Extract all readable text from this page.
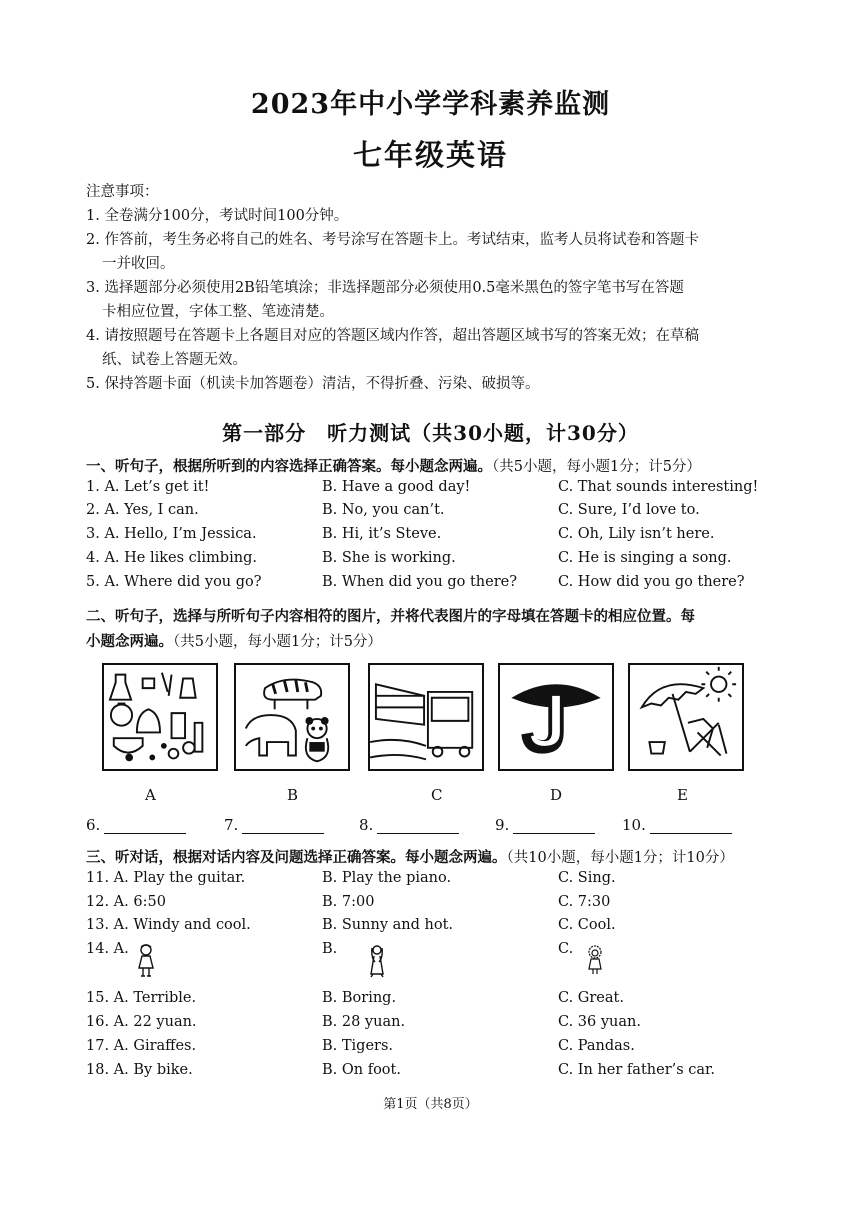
2023年中小学学科素养监测
七年级英语
注意事项：
1. 全卷满分100分，考试时间100分钟。
2. 作答前，考生务必将自己的姓名、考号涂写在答题卡上。考试结束，监考人员将试卷和答题卡
一并收回。
3. 选择题部分必须使用2B铅笔填涂；非选择题部分必须使用0.5毫米黑色的签字笔书写在答题
卡相应位置，字体工整、笔迹清楚。
4. 请按照题号在答题卡上各题目对应的答题区域内作答，超出答题区域书写的答案无效；在草稿
纸、试卷上答题无效。
5. 保持答题卡面（机读卡加答题卷）清洁，不得折叠、污染、破损等。
第一部分　听力测试（共30小题，计30分）
一、听句子，根据所听到的内容选择正确答案。每小题念两遍。（共5小题，每小题1分；计5分）
1. A. Let’s get it!	B. Have a good day!	C. That sounds interesting!
2. A. Yes, I can.	B. No, you can’t.	C. Sure, I’d love to.
3. A. Hello, I’m Jessica.	B. Hi, it’s Steve.	C. Oh, Lily isn’t here.
4. A. He likes climbing.	B. She is working.	C. He is singing a song.
5. A. Where did you go?	B. When did you go there?	C. How did you go there?
二、听句子，选择与所听句子内容相符的图片，并将代表图片的字母填在答题卡的相应位置。每
小题念两遍。（共5小题，每小题1分；计5分）
A	B	C	D	E
6.	7.	8.	9.	10.
三、听对话，根据对话内容及问题选择正确答案。每小题念两遍。（共10小题，每小题1分；计10分）
11. A. Play the guitar.	B. Play the piano.	C. Sing.
12. A. 6:50	B. 7:00	C. 7:30
13. A. Windy and cool.	B. Sunny and hot.	C. Cool.
14. A.	B.	C.
15. A. Terrible.	B. Boring.	C. Great.
16. A. 22 yuan.	B. 28 yuan.	C. 36 yuan.
17. A. Giraffes.	B. Tigers.	C. Pandas.
18. A. By bike.	B. On foot.	C. In her father’s car.
第1页（共8页）
